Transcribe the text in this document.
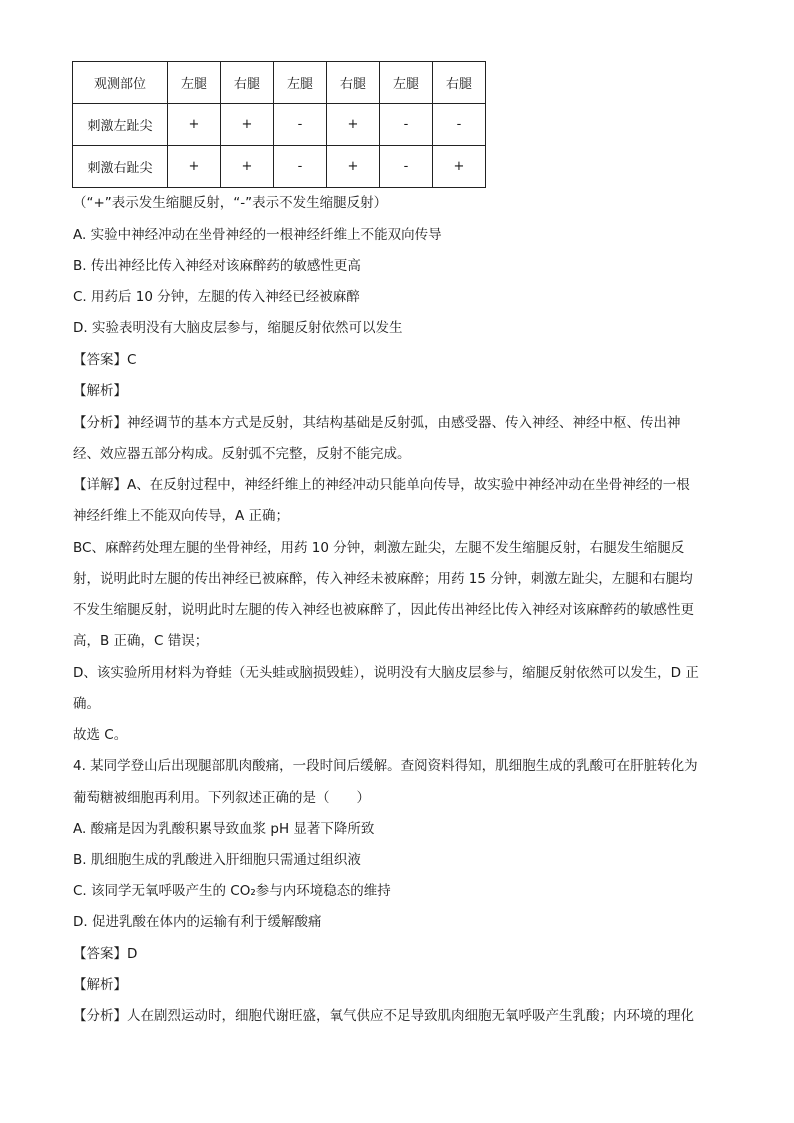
观测部位	左腿	右腿	左腿	右腿	左腿	右腿
刺激左趾尖	+	+	-	+	-	-
刺激右趾尖	+	+	-	+	-	+
（“+”表示发生缩腿反射，“-”表示不发生缩腿反射）
A. 实验中神经冲动在坐骨神经的一根神经纤维上不能双向传导
B. 传出神经比传入神经对该麻醉药的敏感性更高
C. 用药后 10 分钟，左腿的传入神经已经被麻醉
D. 实验表明没有大脑皮层参与，缩腿反射依然可以发生
【答案】C
【解析】
【分析】神经调节的基本方式是反射，其结构基础是反射弧，由感受器、传入神经、神经中枢、传出神
经、效应器五部分构成。反射弧不完整，反射不能完成。
【详解】A、在反射过程中，神经纤维上的神经冲动只能单向传导，故实验中神经冲动在坐骨神经的一根
神经纤维上不能双向传导，A 正确；
BC、麻醉药处理左腿的坐骨神经，用药 10 分钟，刺激左趾尖，左腿不发生缩腿反射，右腿发生缩腿反
射，说明此时左腿的传出神经已被麻醉，传入神经未被麻醉；用药 15 分钟，刺激左趾尖，左腿和右腿均
不发生缩腿反射，说明此时左腿的传入神经也被麻醉了，因此传出神经比传入神经对该麻醉药的敏感性更
高，B 正确，C 错误；
D、该实验所用材料为脊蛙（无头蛙或脑损毁蛙），说明没有大脑皮层参与，缩腿反射依然可以发生，D 正
确。
故选 C。
4. 某同学登山后出现腿部肌肉酸痛，一段时间后缓解。查阅资料得知，肌细胞生成的乳酸可在肝脏转化为
葡萄糖被细胞再利用。下列叙述正确的是（　　）
A. 酸痛是因为乳酸积累导致血浆 pH 显著下降所致
B. 肌细胞生成的乳酸进入肝细胞只需通过组织液
C. 该同学无氧呼吸产生的 CO₂参与内环境稳态的维持
D. 促进乳酸在体内的运输有利于缓解酸痛
【答案】D
【解析】
【分析】人在剧烈运动时，细胞代谢旺盛，氧气供应不足导致肌肉细胞无氧呼吸产生乳酸；内环境的理化
